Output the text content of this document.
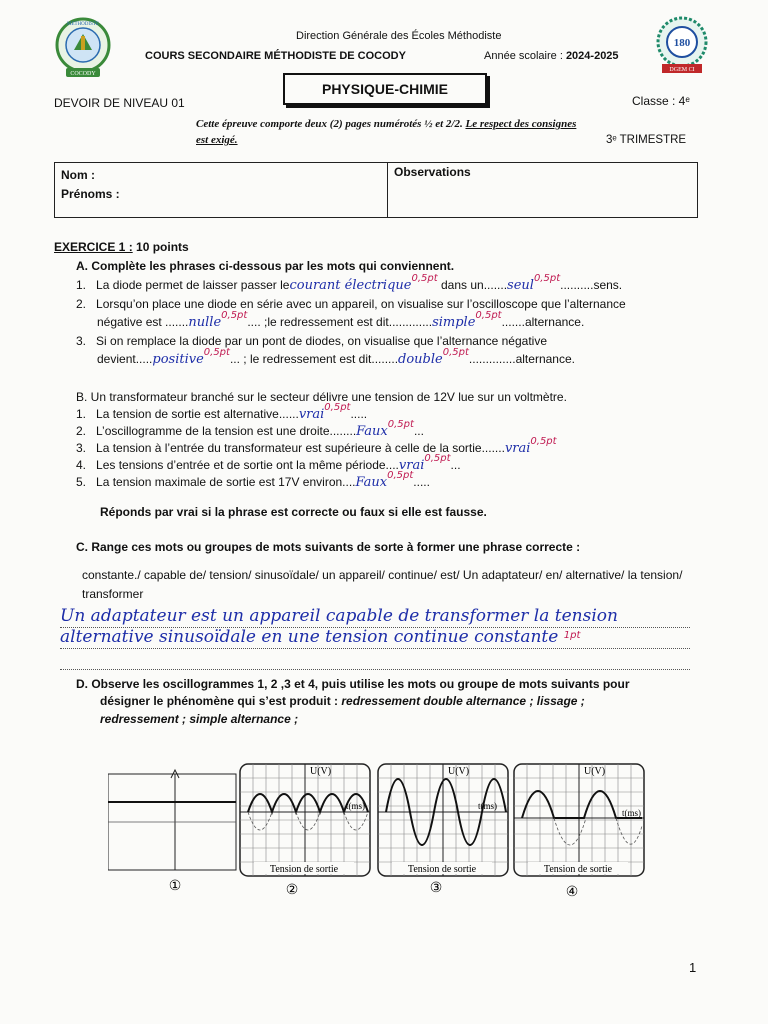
COCODY
METHODISTE
180
DGEM CI
Direction Générale des Écoles Méthodiste
COURS SECONDAIRE MÉTHODISTE DE COCODY	Année scolaire : 2024-2025
PHYSIQUE-CHIMIE
DEVOIR DE NIVEAU 01	Classe : 4ᵉ
Cette épreuve comporte deux (2) pages numérotés ½ et 2/2. Le respect des consignes est exigé.	3ᵉ TRIMESTRE
Nom :
Prénoms :
Observations
EXERCICE 1 : 10 points
A. Complète les phrases ci-dessous par les mots qui conviennent.
1. La diode permet de laisser passer lecourant électrique$^{0,5pt}$ dans un.......seul$^{0,5pt}$..........sens.
2. Lorsqu’on place une diode en série avec un appareil, on visualise sur l’oscilloscope que l’alternance
négative est .......nulle$^{0,5pt}$.... ;le redressement est dit.............simple$^{0,5pt}$.......alternance.
3. Si on remplace la diode par un pont de diodes, on visualise que l’alternance négative
devient.....positive$^{0,5pt}$... ; le redressement est dit........double$^{0,5pt}$..............alternance.
B. Un transformateur branché sur le secteur délivre une tension de 12V lue sur un voltmètre.
1. La tension de sortie est alternative......vrai$^{0,5pt}$.....
2. L’oscillogramme de la tension est une droite........Faux$^{0,5pt}$...
3. La tension à l’entrée du transformateur est supérieure à celle de la sortie.......vrai$^{0,5pt}$
4. Les tensions d’entrée et de sortie ont la même période....vrai$^{0,5pt}$...
5. La tension maximale de sortie est 17V environ....Faux$^{0,5pt}$.....
Réponds par vrai si la phrase est correcte ou faux si elle est fausse.
C. Range ces mots ou groupes de mots suivants de sorte à former une phrase correcte :
constante./ capable de/ tension/ sinusoïdale/ un appareil/ continue/ est/ Un adaptateur/ en/ alternative/ la tension/ transformer
Un adaptateur est un appareil capable de transformer la tension alternative sinusoïdale en une tension continue constante $^{1pt}$
D. Observe les oscillogrammes 1, 2 ,3 et 4, puis utilise les mots ou groupe de mots suivants pour
désigner le phénomène qui s’est produit : redressement double alternance ; lissage ;
redressement ; simple alternance ;
①
U(V)
t(ms)
Tension de sortie
②
U(V)
t(ms)
Tension de sortie
③
U(V)
t(ms)
Tension de sortie
④
1
